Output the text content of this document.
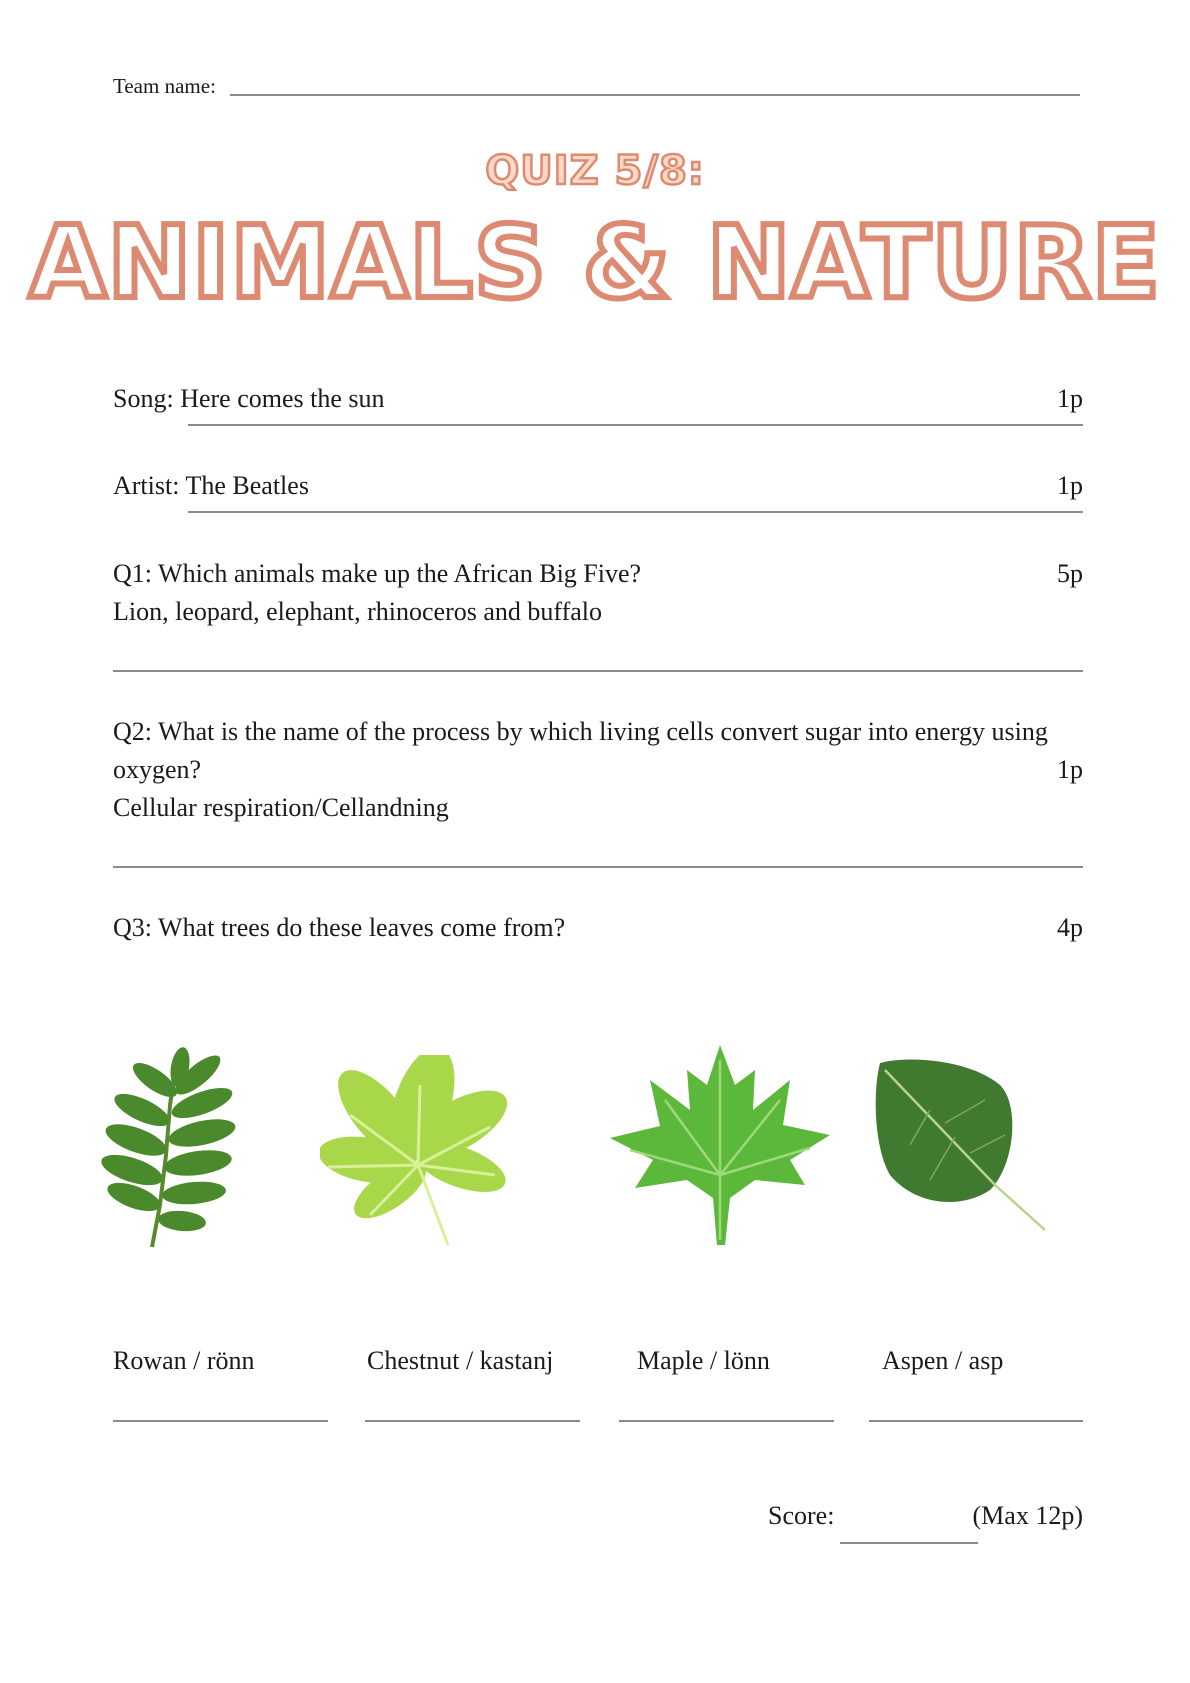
Team name:
QUIZ 5/8:
ANIMALS & NATURE
Song: Here comes the sun	1p
Artist: The Beatles	1p
Q1: Which animals make up the African Big Five?	5p
Lion, leopard, elephant, rhinoceros and buffalo
Q2: What is the name of the process by which living cells convert sugar into energy using
oxygen?	1p
Cellular respiration/Cellandning
Q3: What trees do these leaves come from?	4p
Rowan / rönn	Chestnut / kastanj	Maple / lönn	Aspen / asp
Score:	(Max 12p)
